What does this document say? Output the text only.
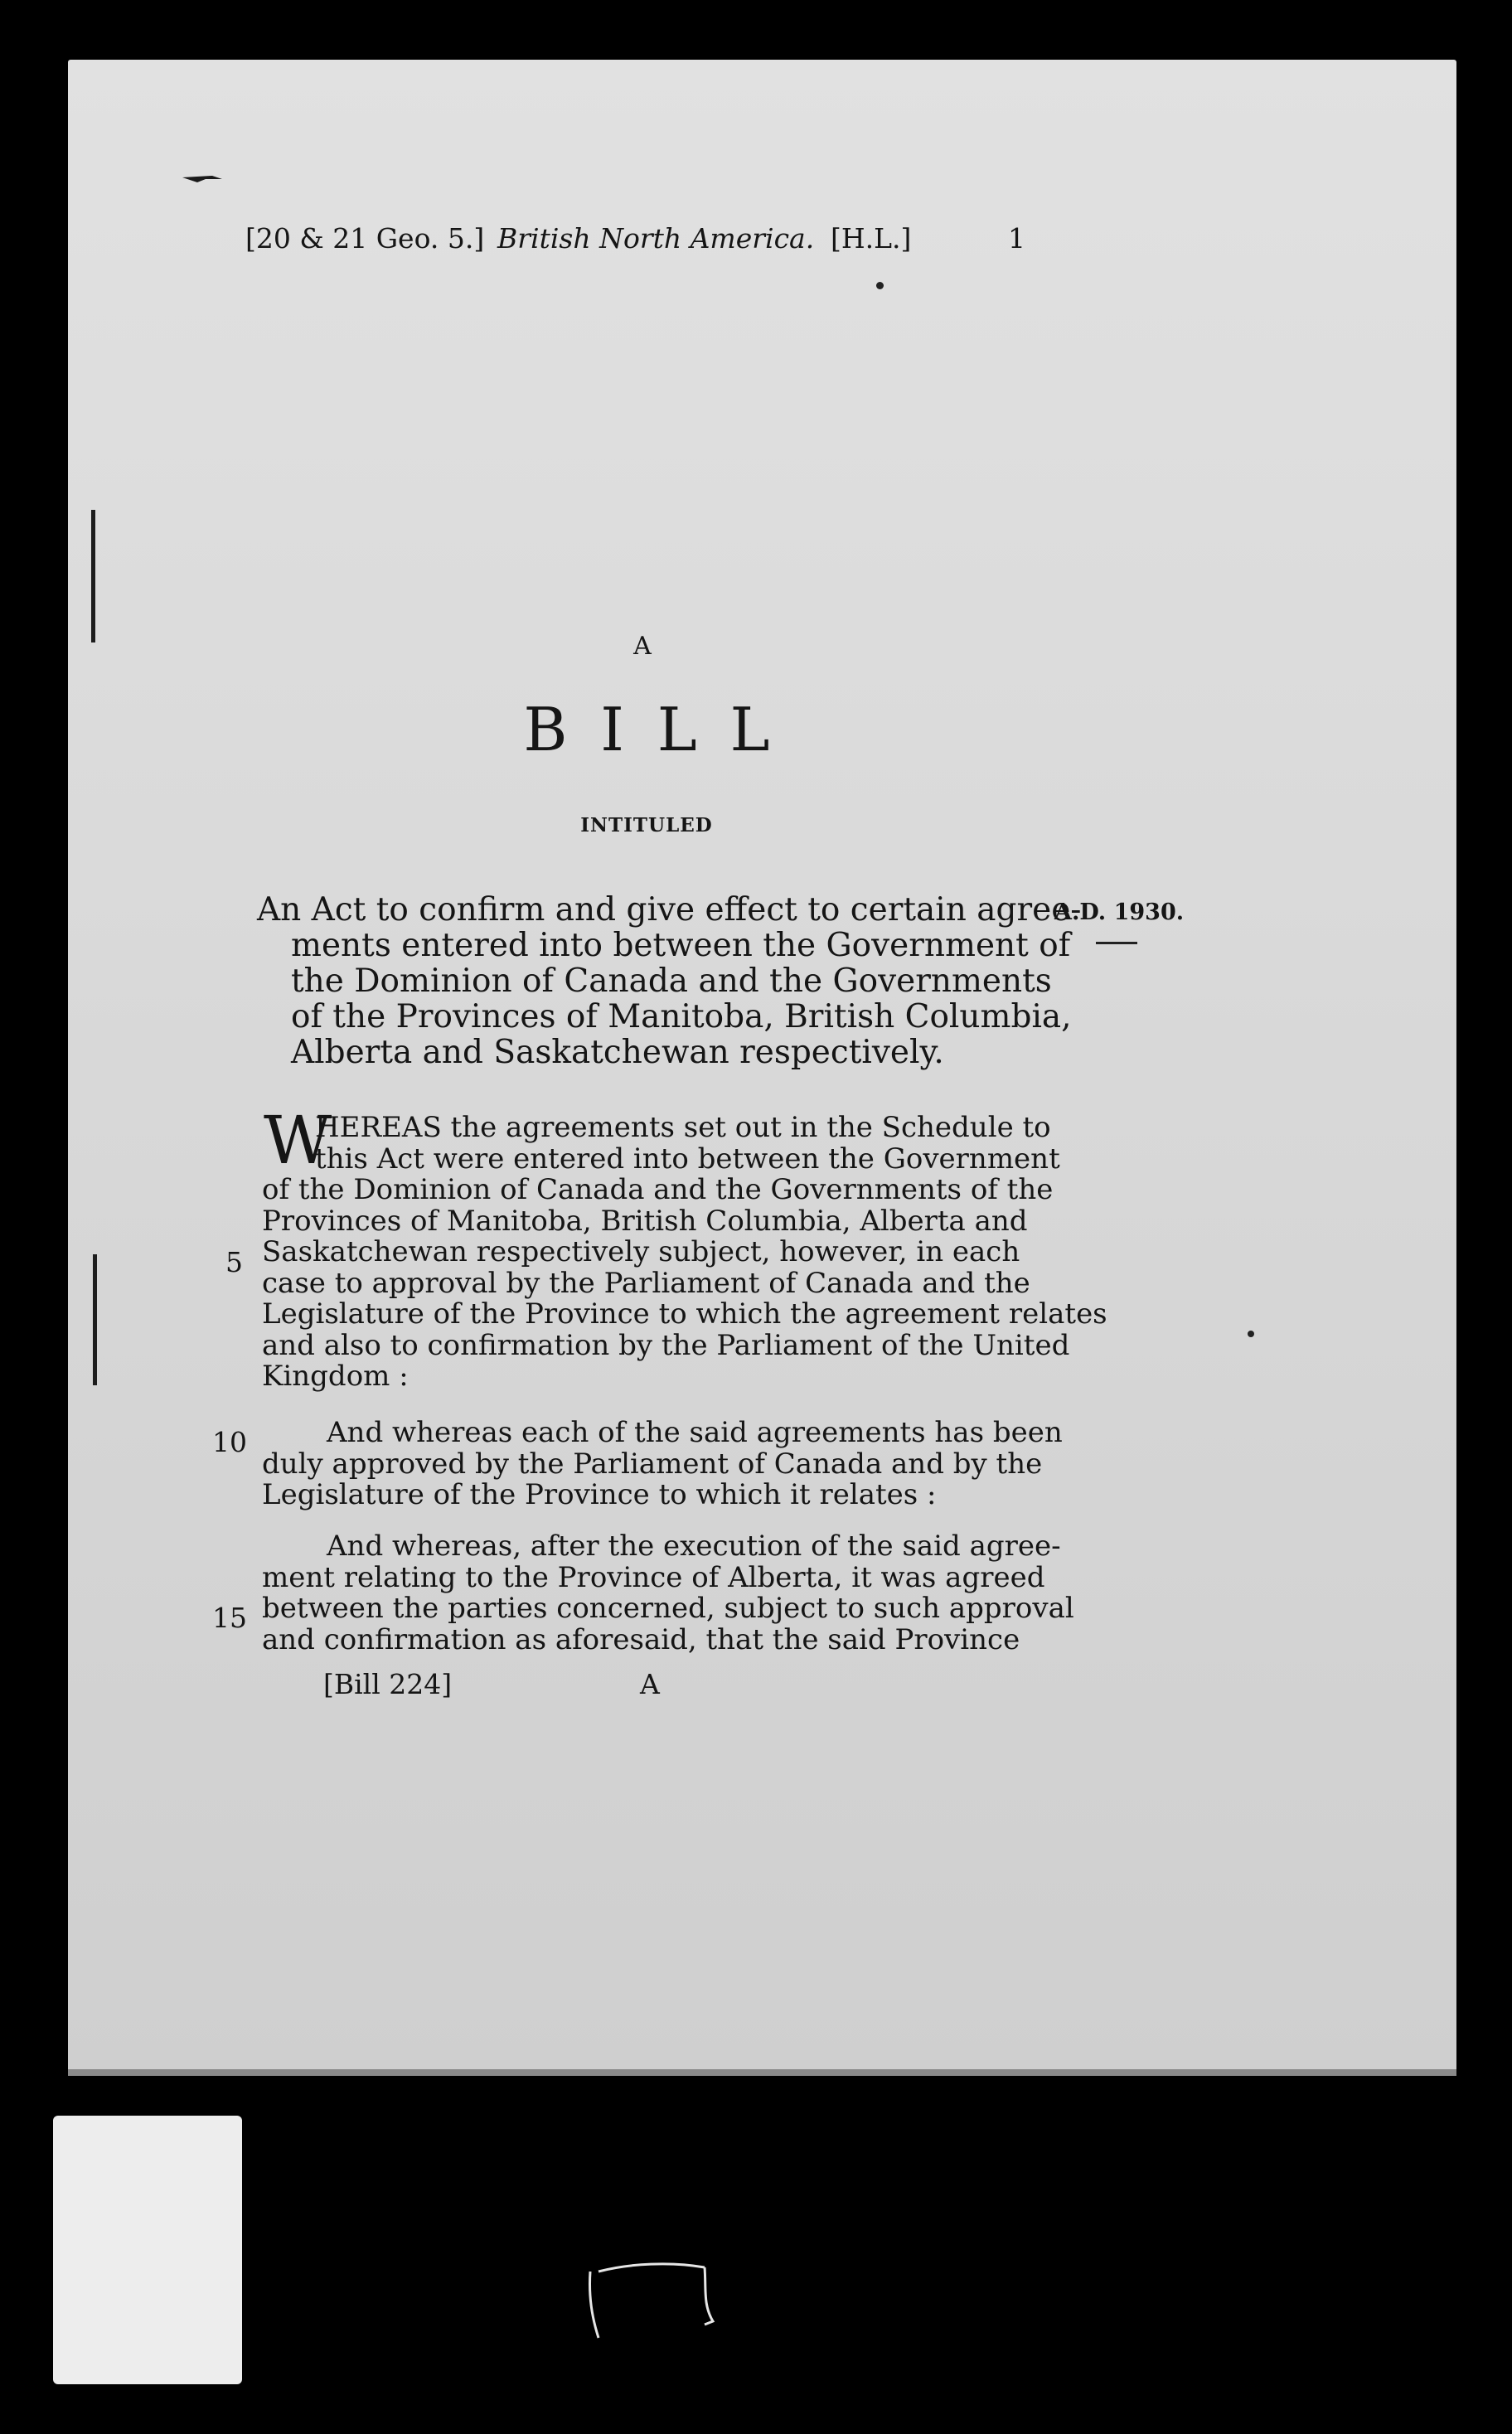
[20 & 21 Geo. 5.] British North America. [H.L.]	1
A
BILL
INTITULED
An Act to confirm and give effect to certain agree-
ments entered into between the Government of
the Dominion of Canada and the Governments
of the Provinces of Manitoba, British Columbia,
Alberta and Saskatchewan respectively.
A.D. 1930.
W
HEREAS the agreements set out in the Schedule to
this Act were entered into between the Government
of the Dominion of Canada and the Governments of the
Provinces of Manitoba, British Columbia, Alberta and
Saskatchewan respectively subject, however, in each
case to approval by the Parliament of Canada and the
Legislature of the Province to which the agreement relates
and also to confirmation by the Parliament of the United
Kingdom :
And whereas each of the said agreements has been
duly approved by the Parliament of Canada and by the
Legislature of the Province to which it relates :
And whereas, after the execution of the said agree-
ment relating to the Province of Alberta, it was agreed
between the parties concerned, subject to such approval
and confirmation as aforesaid, that the said Province
5
10
15
[Bill 224]	A
